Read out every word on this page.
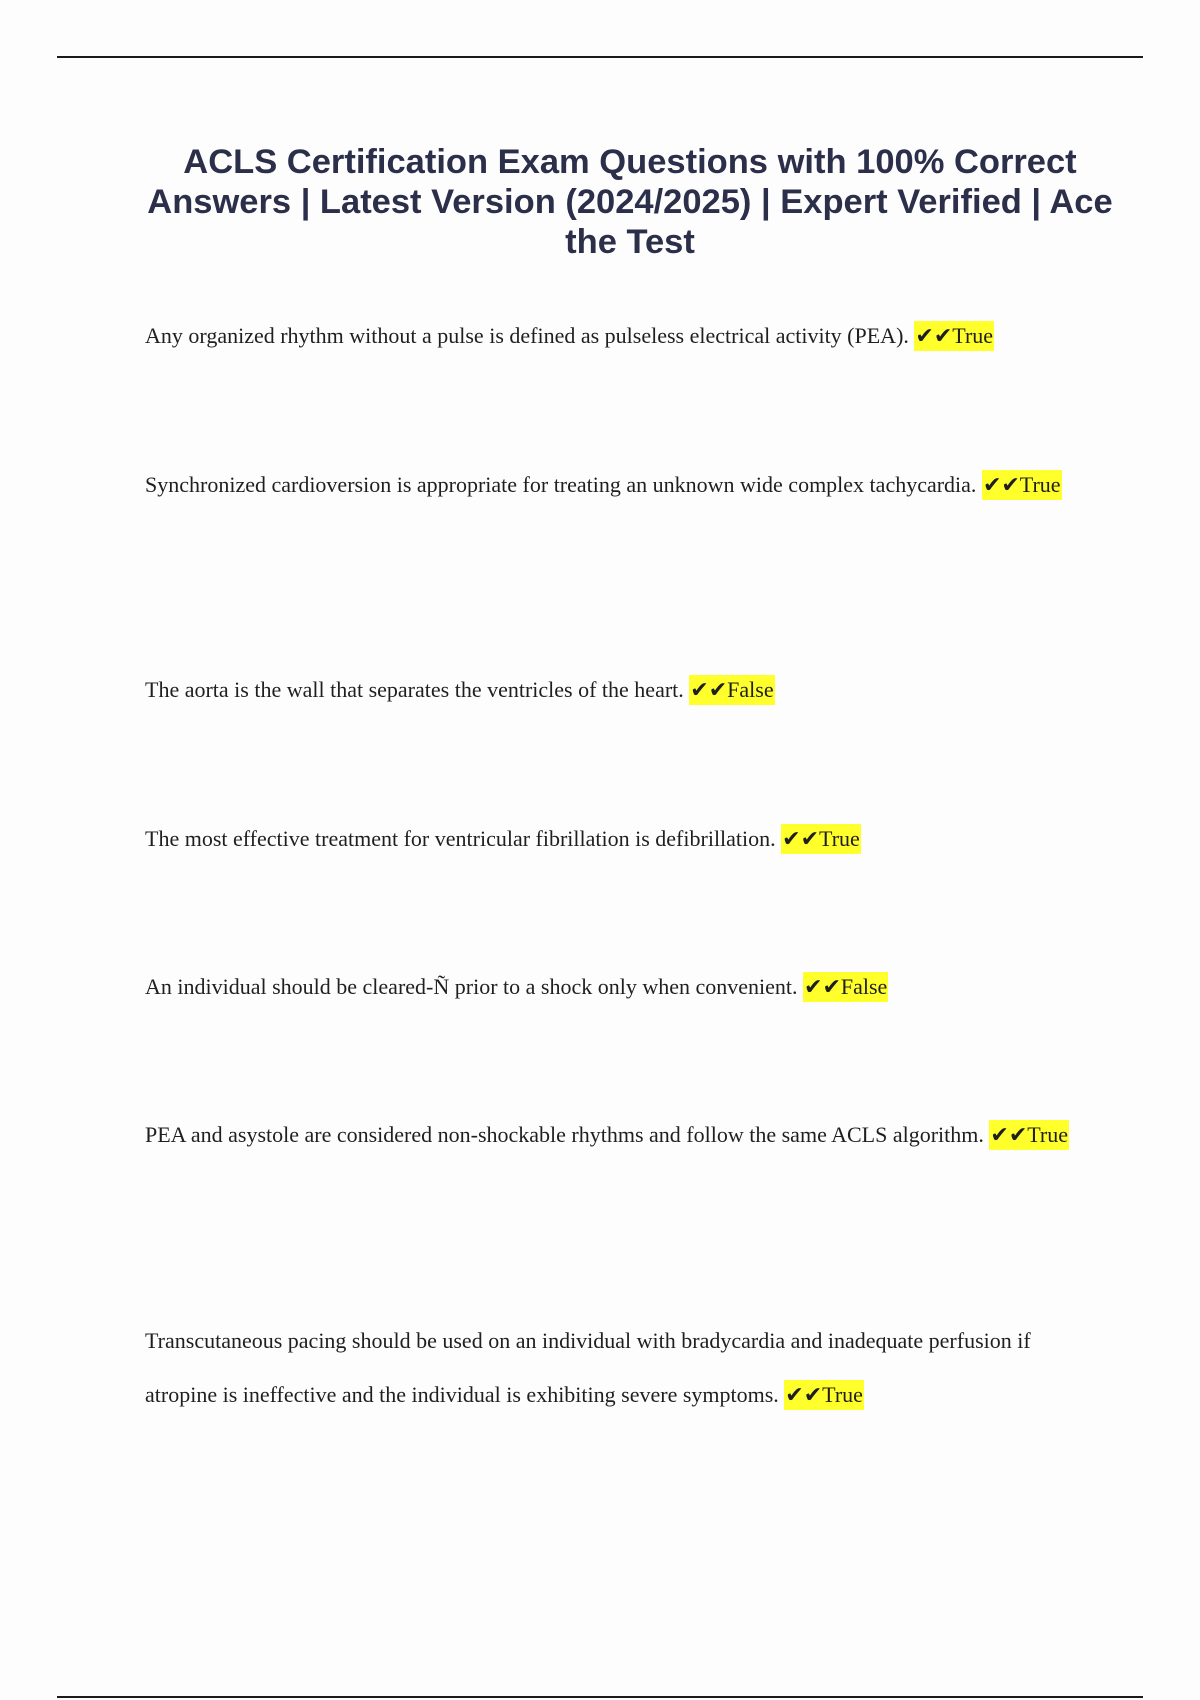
ACLS Certification Exam Questions with 100% Correct Answers | Latest Version (2024/2025) | Expert Verified | Ace the Test

Any organized rhythm without a pulse is defined as pulseless electrical activity (PEA). ✔✔True

Synchronized cardioversion is appropriate for treating an unknown wide complex tachycardia. ✔✔True

The aorta is the wall that separates the ventricles of the heart. ✔✔False

The most effective treatment for ventricular fibrillation is defibrillation. ✔✔True

An individual should be cleared-Ñ prior to a shock only when convenient. ✔✔False

PEA and asystole are considered non-shockable rhythms and follow the same ACLS algorithm. ✔✔True

Transcutaneous pacing should be used on an individual with bradycardia and inadequate perfusion if atropine is ineffective and the individual is exhibiting severe symptoms. ✔✔True
